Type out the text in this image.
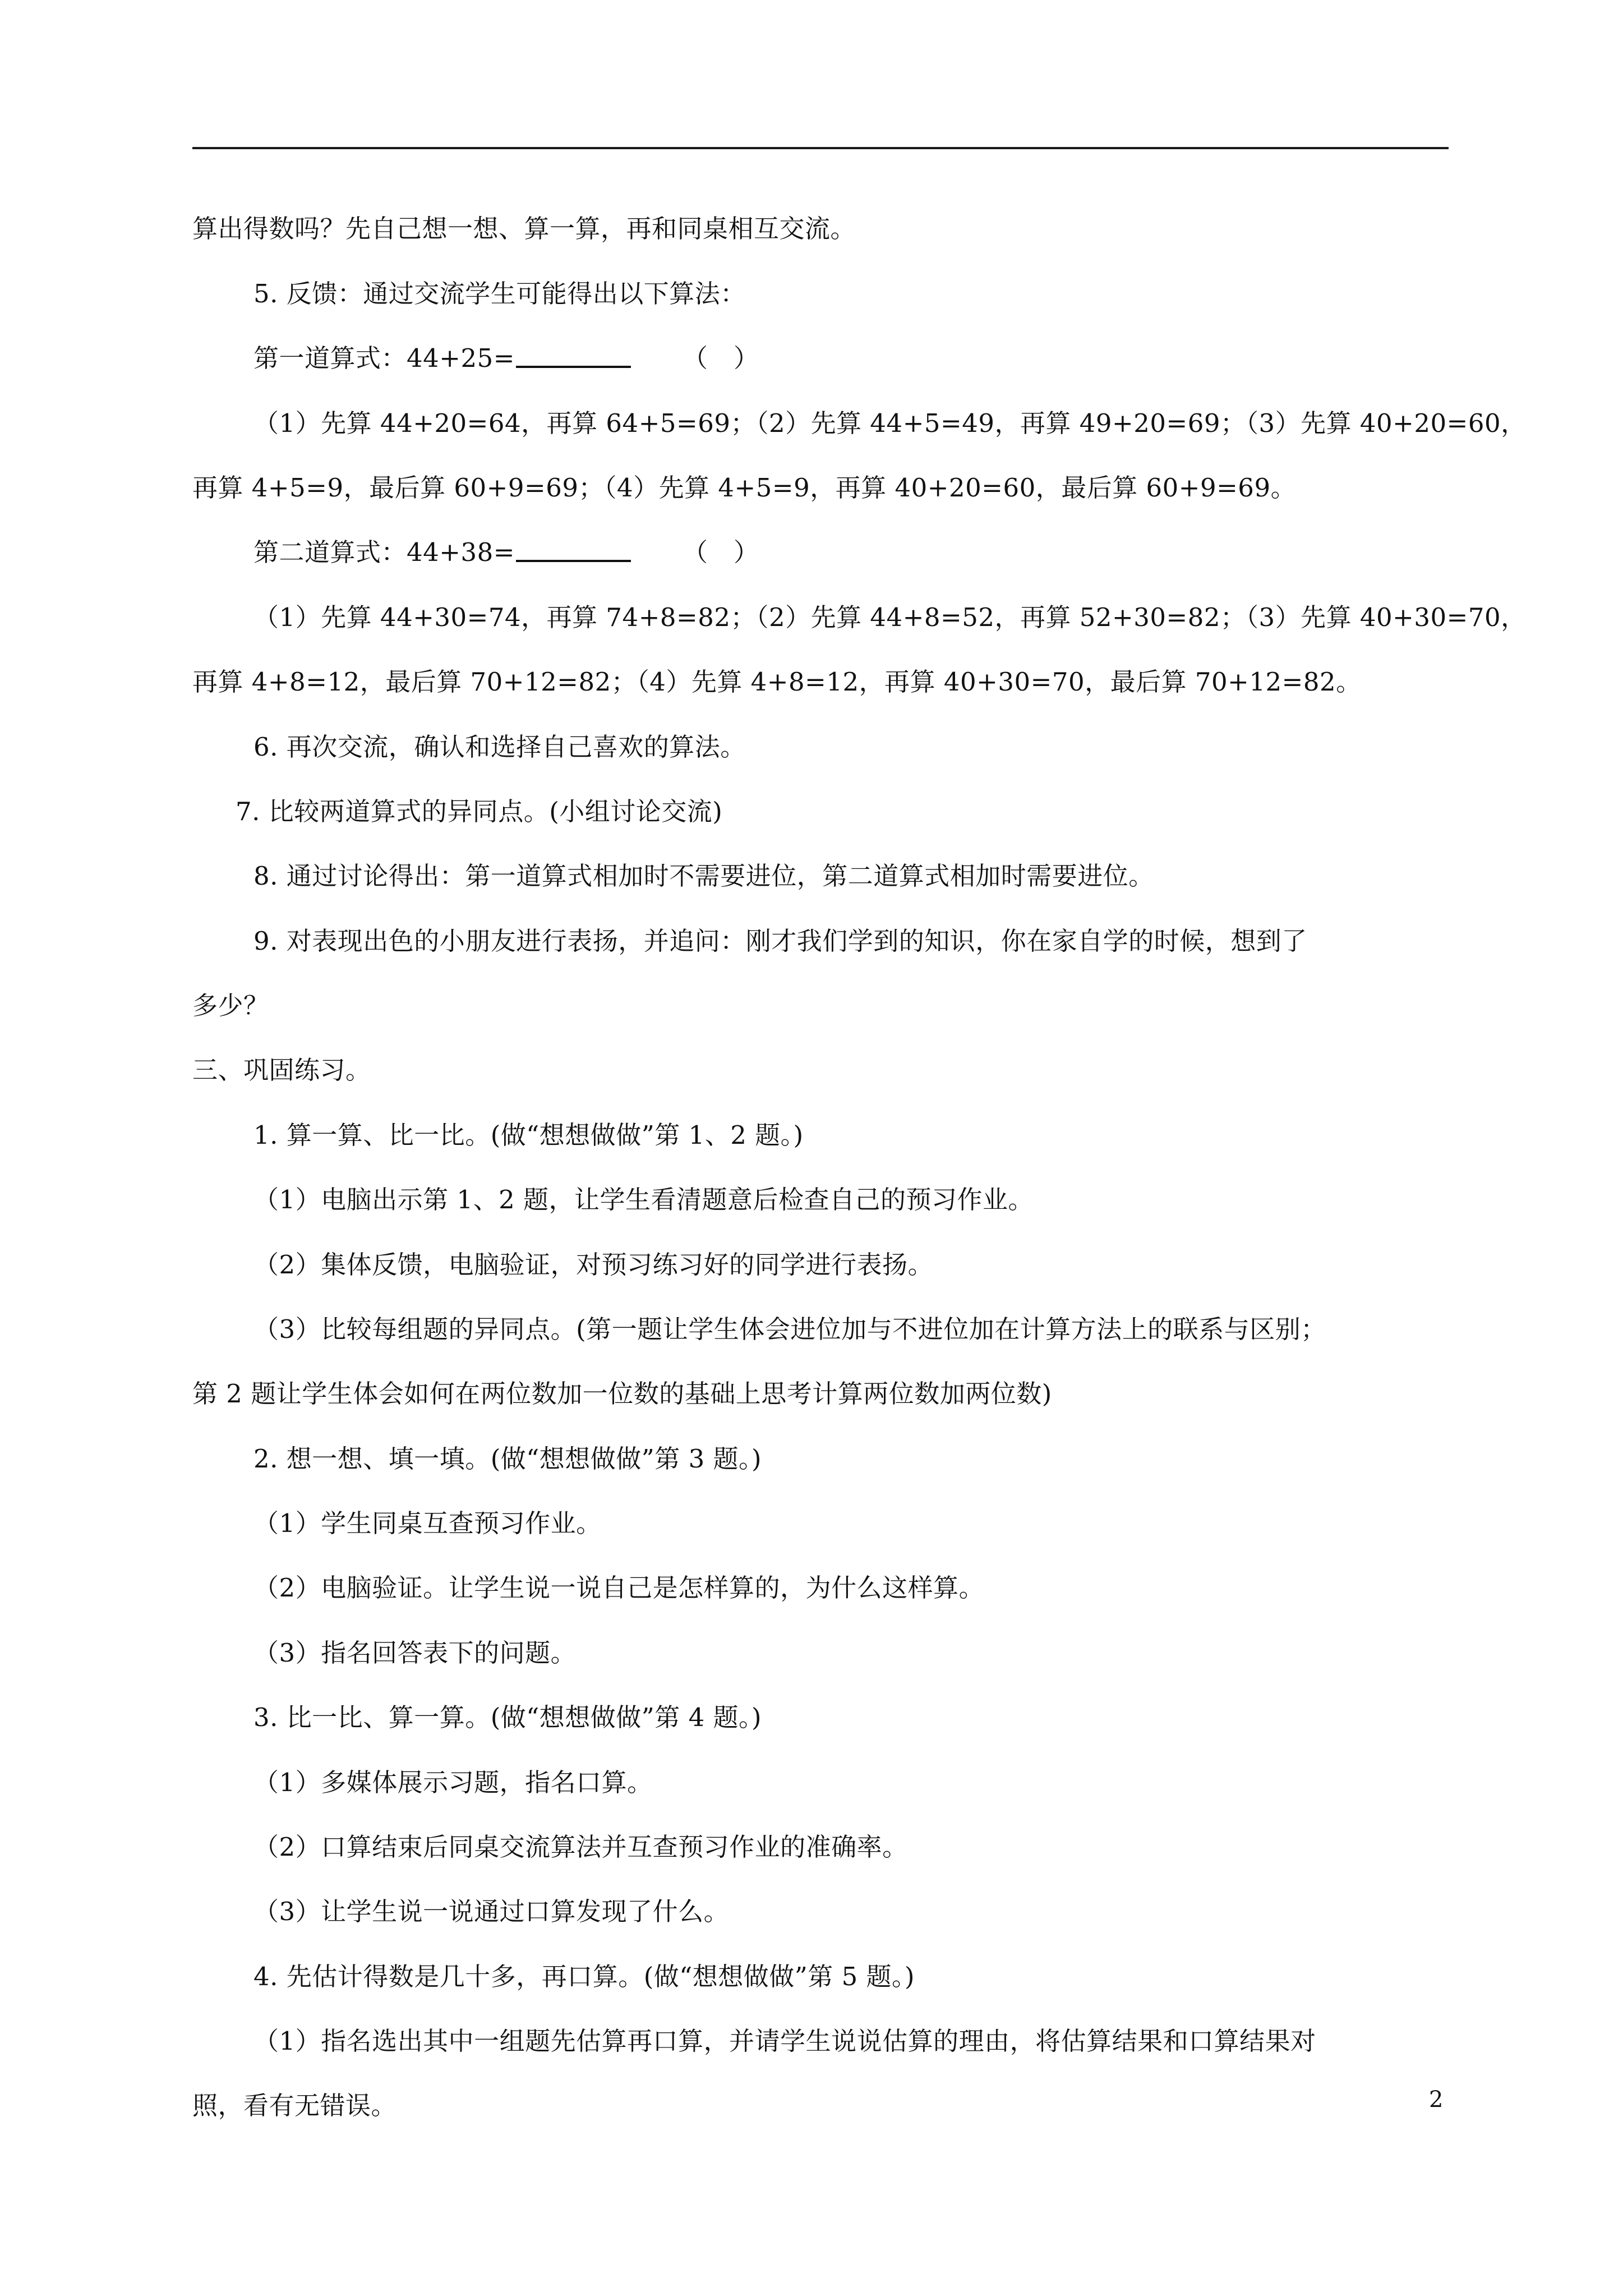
算出得数吗？先自己想一想、算一算，再和同桌相互交流。
5. 反馈：通过交流学生可能得出以下算法：
第一道算式：44+25=	（　）
（1）先算 44+20=64，再算 64+5=69；（2）先算 44+5=49，再算 49+20=69；（3）先算 40+20=60，
再算 4+5=9，最后算 60+9=69；（4）先算 4+5=9，再算 40+20=60，最后算 60+9=69。
第二道算式：44+38=	（　）
（1）先算 44+30=74，再算 74+8=82；（2）先算 44+8=52，再算 52+30=82；（3）先算 40+30=70，
再算 4+8=12，最后算 70+12=82；（4）先算 4+8=12，再算 40+30=70，最后算 70+12=82。
6. 再次交流，确认和选择自己喜欢的算法。
7. 比较两道算式的异同点。(小组讨论交流)
8. 通过讨论得出：第一道算式相加时不需要进位，第二道算式相加时需要进位。
9. 对表现出色的小朋友进行表扬，并追问：刚才我们学到的知识，你在家自学的时候，想到了
多少？
三、巩固练习。
1. 算一算、比一比。(做“想想做做”第 1、2 题。)
（1）电脑出示第 1、2 题，让学生看清题意后检查自己的预习作业。
（2）集体反馈，电脑验证，对预习练习好的同学进行表扬。
（3）比较每组题的异同点。(第一题让学生体会进位加与不进位加在计算方法上的联系与区别；
第 2 题让学生体会如何在两位数加一位数的基础上思考计算两位数加两位数)
2. 想一想、填一填。(做“想想做做”第 3 题。)
（1）学生同桌互查预习作业。
（2）电脑验证。让学生说一说自己是怎样算的，为什么这样算。
（3）指名回答表下的问题。
3. 比一比、算一算。(做“想想做做”第 4 题。)
（1）多媒体展示习题，指名口算。
（2）口算结束后同桌交流算法并互查预习作业的准确率。
（3）让学生说一说通过口算发现了什么。
4. 先估计得数是几十多，再口算。(做“想想做做”第 5 题。)
（1）指名选出其中一组题先估算再口算，并请学生说说估算的理由，将估算结果和口算结果对
照，看有无错误。	2
